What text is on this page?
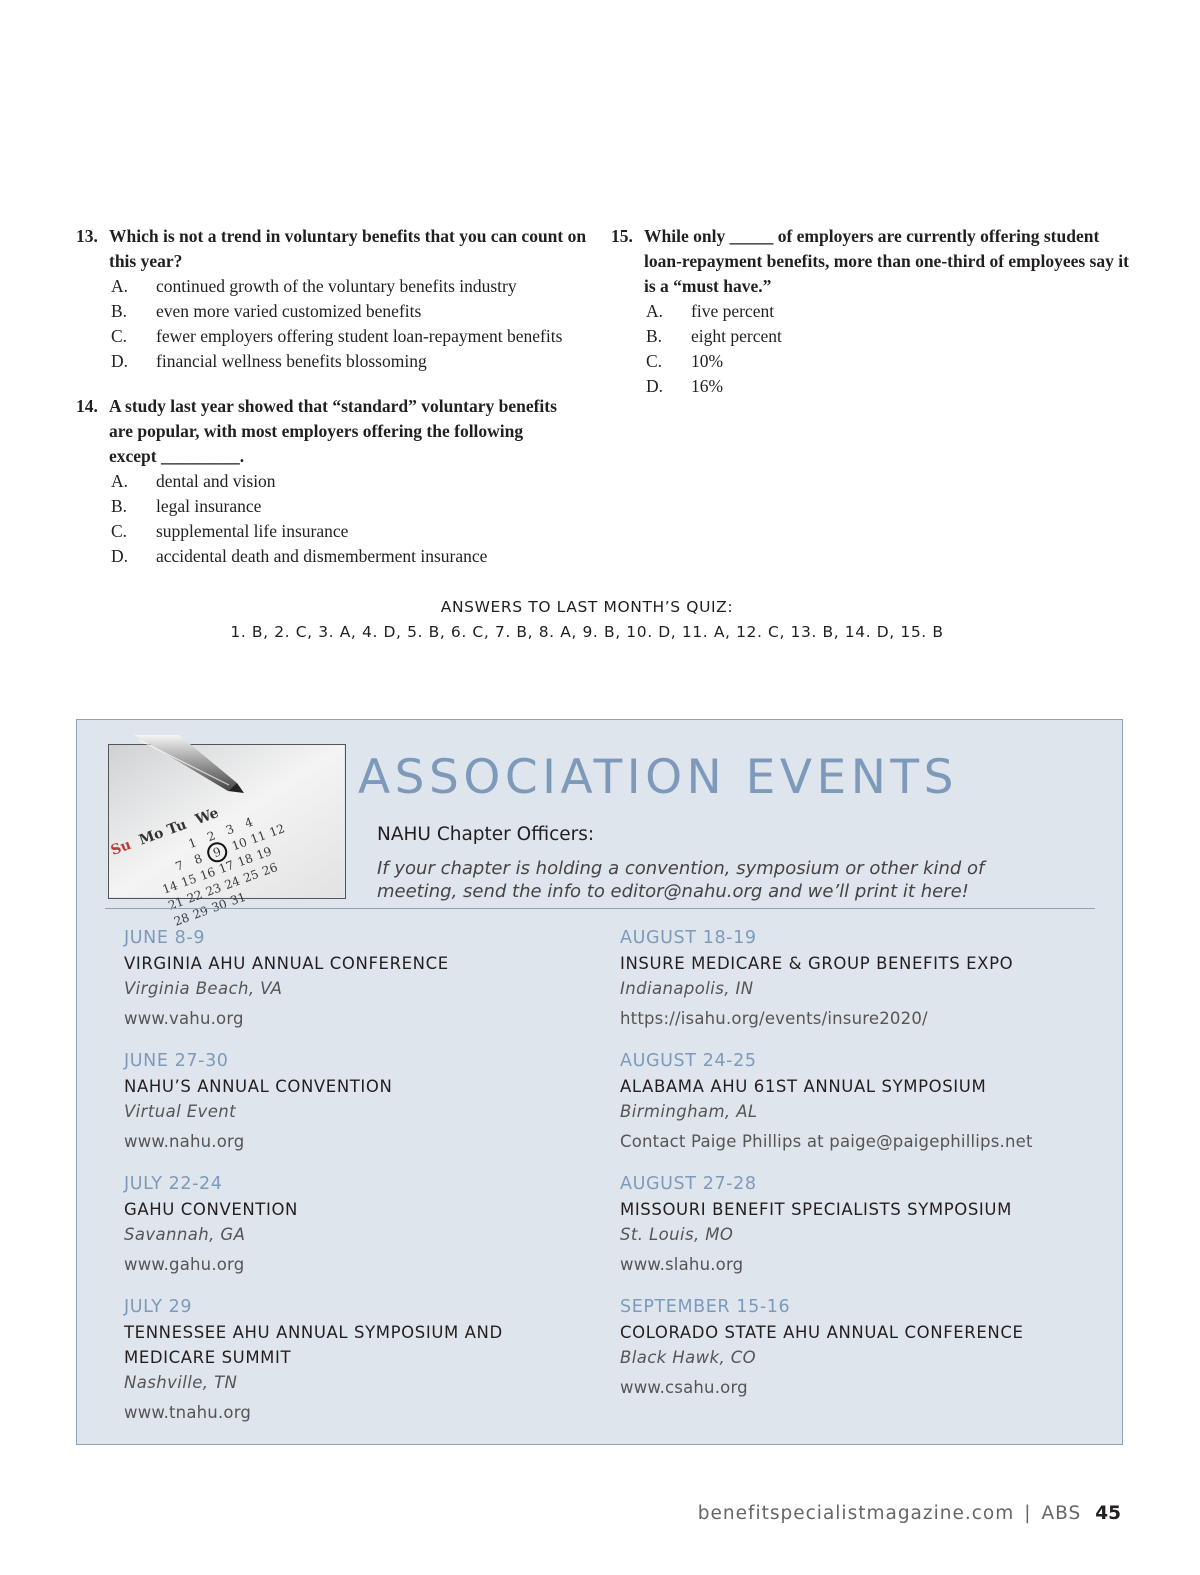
13. Which is not a trend in voluntary benefits that you can count on this year?
A.	continued growth of the voluntary benefits industry
B.	even more varied customized benefits
C.	fewer employers offering student loan-repayment benefits
D.	financial wellness benefits blossoming
14. A study last year showed that “standard” voluntary benefits are popular, with most employers offering the following except _________.
A.	dental and vision
B.	legal insurance
C.	supplemental life insurance
D.	accidental death and dismemberment insurance
15. While only _____ of employers are currently offering student loan-repayment benefits, more than one-third of employees say it is a “must have.”
A.	five percent
B.	eight percent
C.	10%
D.	16%
ANSWERS TO LAST MONTH’S QUIZ:
1. B, 2. C, 3. A, 4. D, 5. B, 6. C, 7. B, 8. A, 9. B, 10. D, 11. A, 12. C, 13. B, 14. D, 15. B
Su Mo Tu We
1 2 3 4
7 8 9 10 11 12
14 15 16 17 18 19
21 22 23 24 25 26
28 29 30 31
ASSOCIATION EVENTS
NAHU Chapter Officers:
If your chapter is holding a convention, symposium or other kind of meeting, send the info to editor@nahu.org and we’ll print it here!
JUNE 8-9
VIRGINIA AHU ANNUAL CONFERENCE
Virginia Beach, VA
www.vahu.org
JUNE 27-30
NAHU’S ANNUAL CONVENTION
Virtual Event
www.nahu.org
JULY 22-24
GAHU CONVENTION
Savannah, GA
www.gahu.org
JULY 29
TENNESSEE AHU ANNUAL SYMPOSIUM AND MEDICARE SUMMIT
Nashville, TN
www.tnahu.org
AUGUST 18-19
INSURE MEDICARE & GROUP BENEFITS EXPO
Indianapolis, IN
https://isahu.org/events/insure2020/
AUGUST 24-25
ALABAMA AHU 61ST ANNUAL SYMPOSIUM
Birmingham, AL
Contact Paige Phillips at paige@paigephillips.net
AUGUST 27-28
MISSOURI BENEFIT SPECIALISTS SYMPOSIUM
St. Louis, MO
www.slahu.org
SEPTEMBER 15-16
COLORADO STATE AHU ANNUAL CONFERENCE
Black Hawk, CO
www.csahu.org
benefitspecialistmagazine.com | ABS 45
